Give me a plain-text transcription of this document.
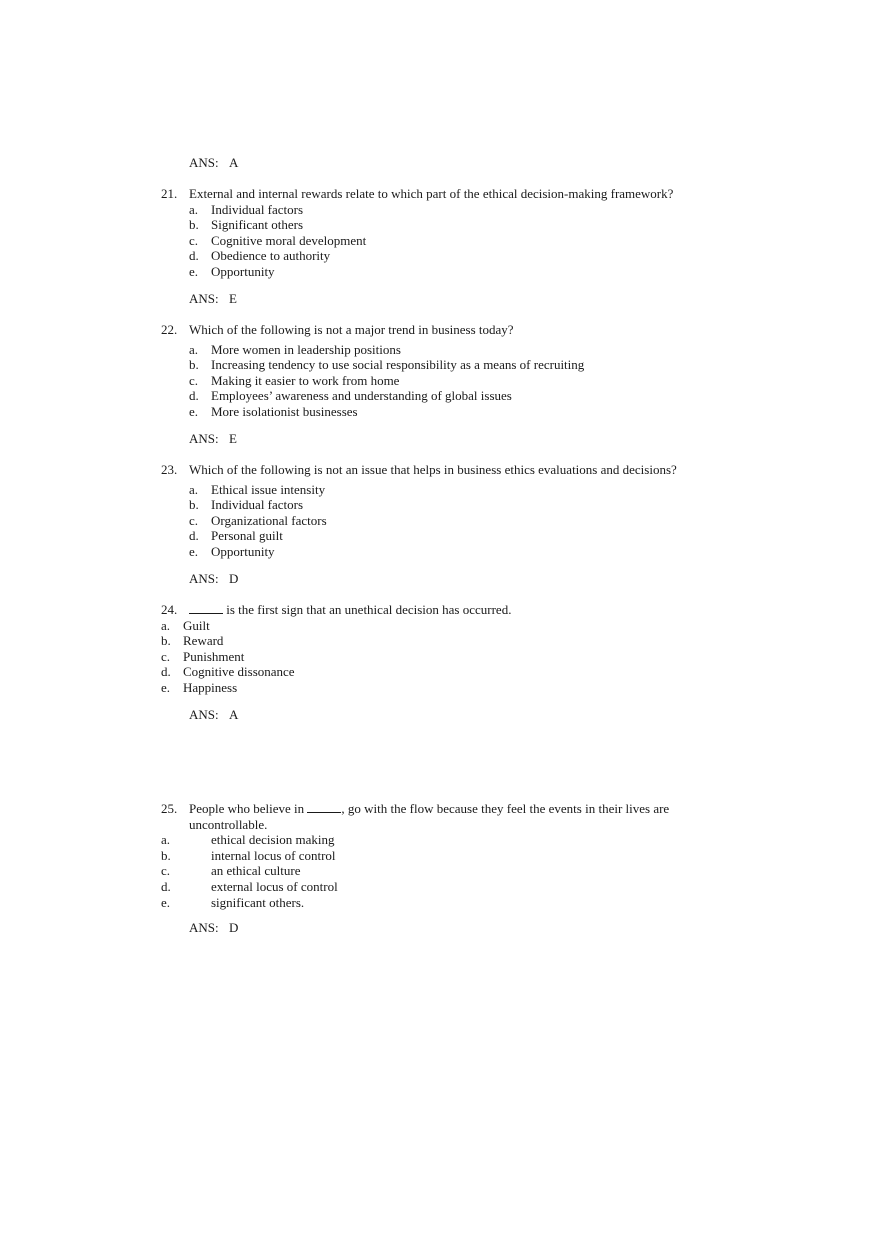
ANS: A
21. External and internal rewards relate to which part of the ethical decision-making framework?
a. Individual factors
b. Significant others
c. Cognitive moral development
d. Obedience to authority
e. Opportunity
ANS: E
22. Which of the following is not a major trend in business today?
a. More women in leadership positions
b. Increasing tendency to use social responsibility as a means of recruiting
c. Making it easier to work from home
d. Employees’ awareness and understanding of global issues
e. More isolationist businesses
ANS: E
23. Which of the following is not an issue that helps in business ethics evaluations and decisions?
a. Ethical issue intensity
b. Individual factors
c. Organizational factors
d. Personal guilt
e. Opportunity
ANS: D
24.	is the first sign that an unethical decision has occurred.
a. Guilt
b. Reward
c. Punishment
d. Cognitive dissonance
e. Happiness
ANS: A
25. People who believe in	, go with the flow because they feel the events in their lives are uncontrollable.
a.	ethical decision making
b.	internal locus of control
c.	an ethical culture
d.	external locus of control
e.	significant others.
ANS: D
